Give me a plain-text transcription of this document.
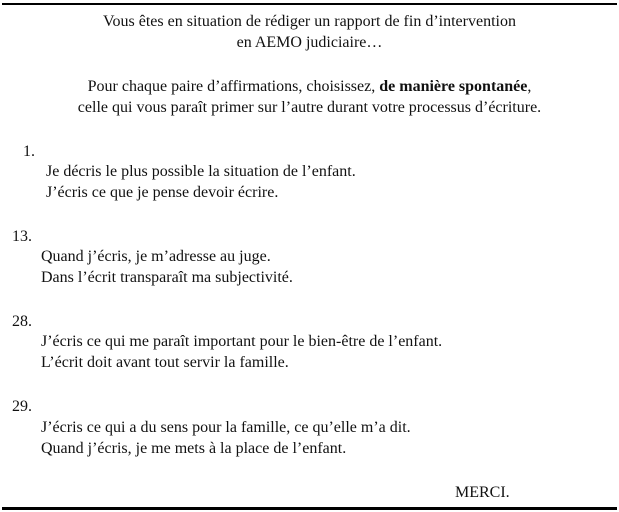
Vous êtes en situation de rédiger un rapport de fin d’intervention
en AEMO judiciaire…
Pour chaque paire d’affirmations, choisissez, de manière spontanée,
celle qui vous paraît primer sur l’autre durant votre processus d’écriture.
1.
Je décris le plus possible la situation de l’enfant.
J’écris ce que je pense devoir écrire.
13.
Quand j’écris, je m’adresse au juge.
Dans l’écrit transparaît ma subjectivité.
28.
J’écris ce qui me paraît important pour le bien-être de l’enfant.
L’écrit doit avant tout servir la famille.
29.
J’écris ce qui a du sens pour la famille, ce qu’elle m’a dit.
Quand j’écris, je me mets à la place de l’enfant.
MERCI.
